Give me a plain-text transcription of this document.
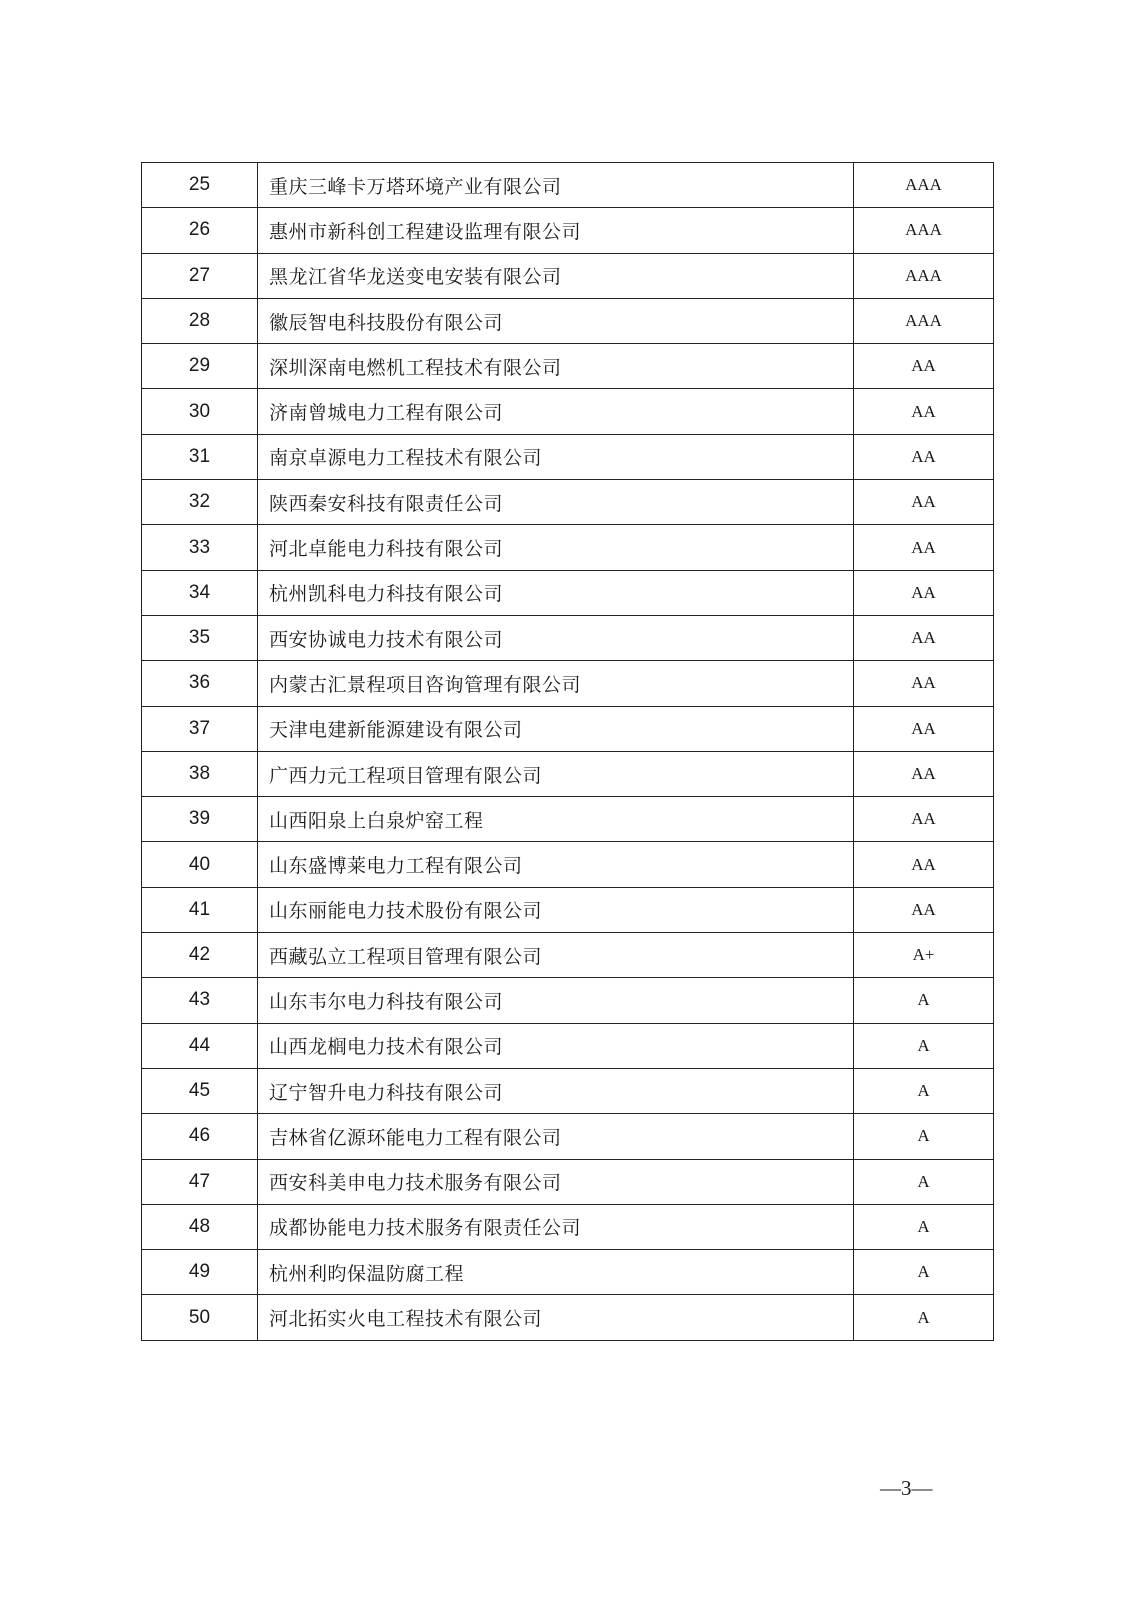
25	重庆三峰卡万塔环境产业有限公司	AAA
26	惠州市新科创工程建设监理有限公司	AAA
27	黑龙江省华龙送变电安装有限公司	AAA
28	徽辰智电科技股份有限公司	AAA
29	深圳深南电燃机工程技术有限公司	AA
30	济南曾城电力工程有限公司	AA
31	南京卓源电力工程技术有限公司	AA
32	陕西秦安科技有限责任公司	AA
33	河北卓能电力科技有限公司	AA
34	杭州凯科电力科技有限公司	AA
35	西安协诚电力技术有限公司	AA
36	内蒙古汇景程项目咨询管理有限公司	AA
37	天津电建新能源建设有限公司	AA
38	广西力元工程项目管理有限公司	AA
39	山西阳泉上白泉炉窑工程	AA
40	山东盛博莱电力工程有限公司	AA
41	山东丽能电力技术股份有限公司	AA
42	西藏弘立工程项目管理有限公司	A+
43	山东韦尔电力科技有限公司	A
44	山西龙榈电力技术有限公司	A
45	辽宁智升电力科技有限公司	A
46	吉林省亿源环能电力工程有限公司	A
47	西安科美申电力技术服务有限公司	A
48	成都协能电力技术服务有限责任公司	A
49	杭州利昀保温防腐工程	A
50	河北拓实火电工程技术有限公司	A
—3—
